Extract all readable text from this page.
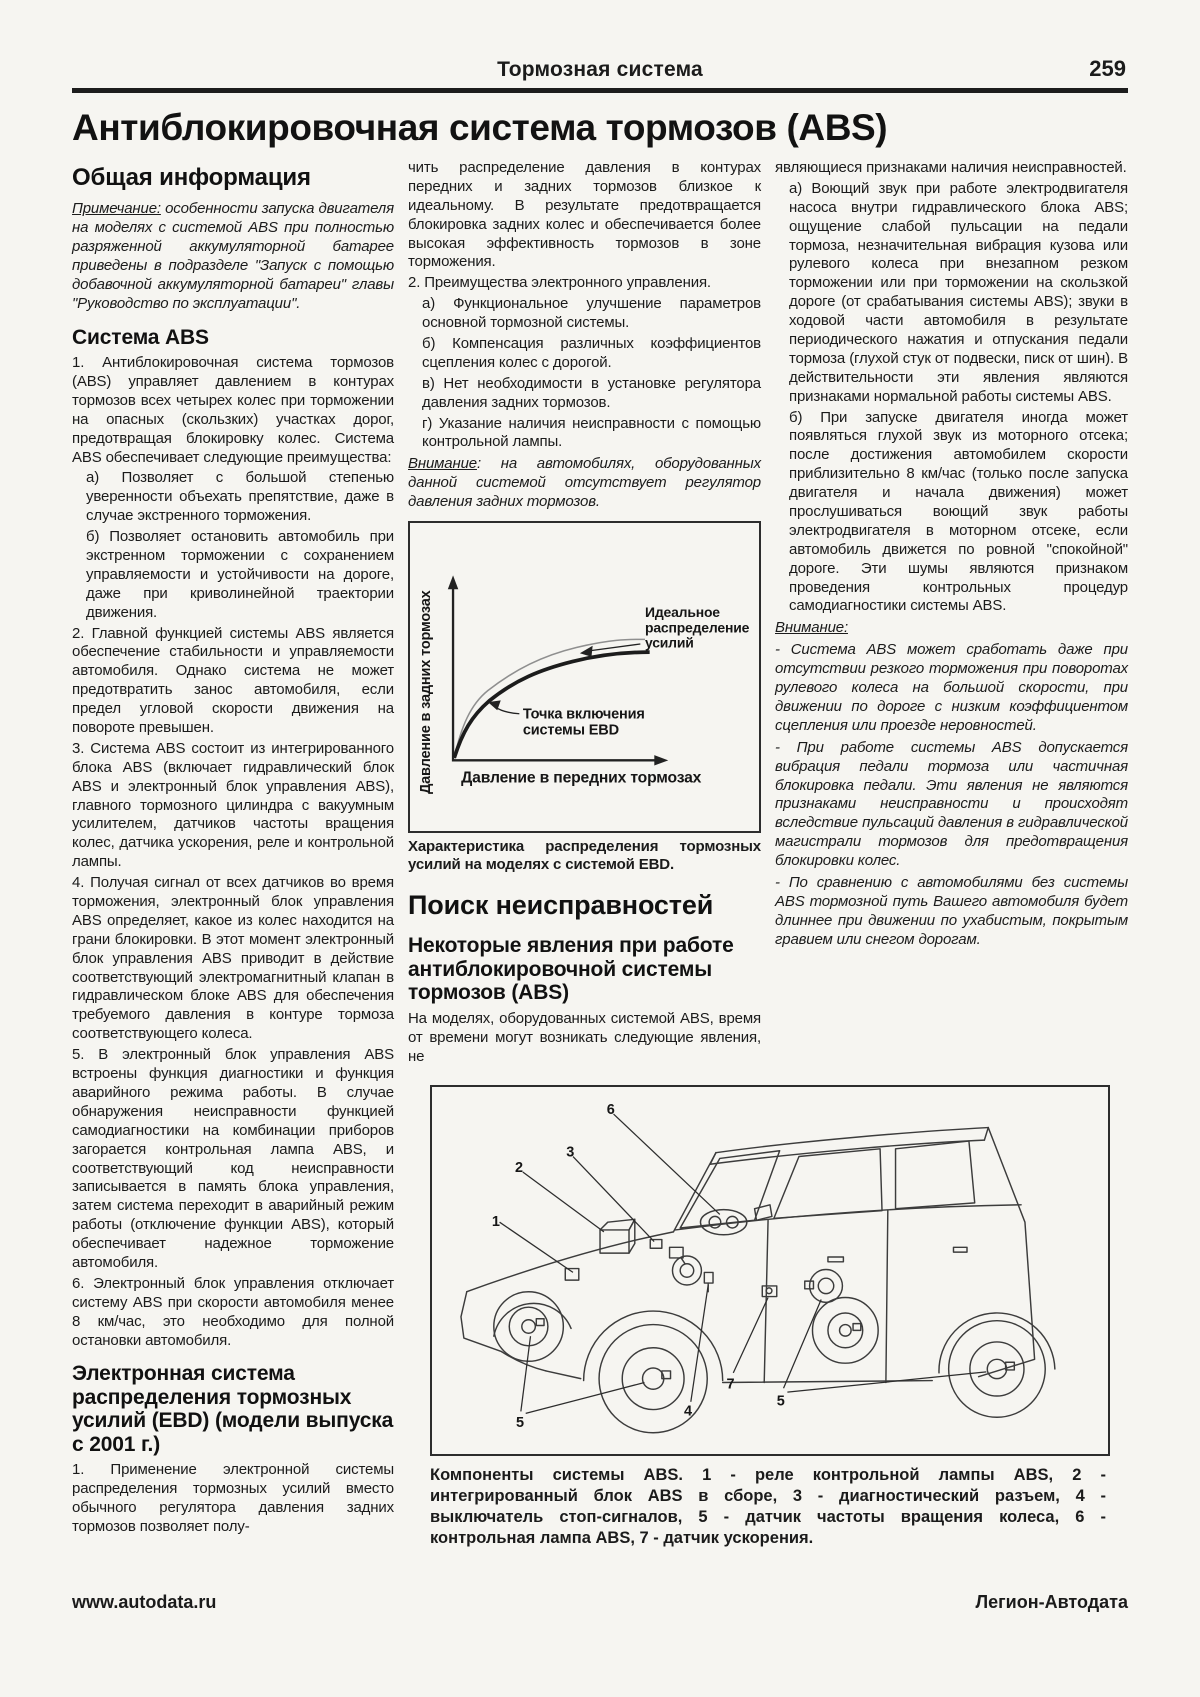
Тормозная система	259
Антиблокировочная система тормозов (ABS)
Общая информация

Примечание: особенности запуска двигателя на моделях с системой ABS при полностью разряженной аккумуляторной батарее приведены в подразделе "Запуск с помощью добавочной аккумуляторной батареи" главы "Руководство по эксплуатации".

Система ABS

1. Антиблокировочная система тормозов (ABS) управляет давлением в контурах тормозов всех четырех колес при торможении на опасных (скользких) участках дорог, предотвращая блокировку колес. Система ABS обеспечивает следующие преимущества:

а) Позволяет с большой степенью уверенности объехать препятствие, даже в случае экстренного торможения.

б) Позволяет остановить автомобиль при экстренном торможении с сохранением управляемости и устойчивости на дороге, даже при криволинейной траектории движения.

2. Главной функцией системы ABS является обеспечение стабильности и управляемости автомобиля. Однако система не может предотвратить занос автомобиля, если предел угловой скорости движения на повороте превышен.

3. Система ABS состоит из интегрированного блока ABS (включает гидравлический блок ABS и электронный блок управления ABS), главного тормозного цилиндра с вакуумным усилителем, датчиков частоты вращения колес, датчика ускорения, реле и контрольной лампы.

4. Получая сигнал от всех датчиков во время торможения, электронный блок управления ABS определяет, какое из колес находится на грани блокировки. В этот момент электронный блок управления ABS приводит в действие соответствующий электромагнитный клапан в гидравлическом блоке ABS для обеспечения требуемого давления в контуре тормоза соответствующего колеса.

5. В электронный блок управления ABS встроены функция диагностики и функция аварийного режима работы. В случае обнаружения неисправности функцией самодиагностики на комбинации приборов загорается контрольная лампа ABS, и соответствующий код неисправности записывается в память блока управления, затем система переходит в аварийный режим работы (отключение функции ABS), который обеспечивает надежное торможение автомобиля.

6. Электронный блок управления отключает систему ABS при скорости автомобиля менее 8 км/час, это необходимо для полной остановки автомобиля.

Электронная система распределения тормозных усилий (EBD) (модели выпуска с 2001 г.)

1. Применение электронной системы распределения тормозных усилий вместо обычного регулятора давления задних тормозов позволяет полу-

чить распределение давления в контурах передних и задних тормозов близкое к идеальному. В результате предотвращается блокировка задних колес и обеспечивается более высокая эффективность тормозов в зоне торможения.

2. Преимущества электронного управления.

а) Функциональное улучшение параметров основной тормозной системы.

б) Компенсация различных коэффициентов сцепления колес с дорогой.

в) Нет необходимости в установке регулятора давления задних тормозов.

г) Указание наличия неисправности с помощью контрольной лампы.

Внимание: на автомобилях, оборудованных данной системой отсутствует регулятор давления задних тормозов.

Давление в задних тормозах Давление в передних тормозах
Идеальное
распределение
усилий
Точка включения
системы EBD

Характеристика распределения тормозных усилий на моделях с системой EBD.

Поиск неисправностей
Некоторые явления при работе антиблокировочной системы тормозов (ABS)

На моделях, оборудованных системой ABS, время от времени могут возникать следующие явления, не

являющиеся признаками наличия неисправностей.

а) Воющий звук при работе электродвигателя насоса внутри гидравлического блока ABS; ощущение слабой пульсации на педали тормоза, незначительная вибрация кузова или рулевого колеса при внезапном резком торможении или при торможении на скользкой дороге (от срабатывания системы ABS); звуки в ходовой части автомобиля в результате периодического нажатия и отпускания педали тормоза (глухой стук от подвески, писк от шин). В действительности эти явления являются признаками нормальной работы системы ABS.

б) При запуске двигателя иногда может появляться глухой звук из моторного отсека; после достижения автомобилем скорости приблизительно 8 км/час (только после запуска двигателя и начала движения) может прослушиваться воющий звук работы электродвигателя в моторном отсеке, если автомобиль движется по ровной "спокойной" дороге. Эти шумы являются признаком проведения контрольных процедур самодиагностики системы ABS.

Внимание:

- Система ABS может сработать даже при отсутствии резкого торможения при поворотах рулевого колеса на большой скорости, при движении по дороге с низким коэффициентом сцепления или проезде неровностей.

- При работе системы ABS допускается вибрация педали тормоза или частичная блокировка педали. Эти явления не являются признаками неисправности и происходят вследствие пульсаций давления в гидравлической магистрали тормозов для предотвращения блокировки колес.

- По сравнению с автомобилями без системы ABS тормозной путь Вашего автомобиля будет длиннее при движении по ухабистым, покрытым гравием или снегом дорогам.

1
2
3
6
4
7
5
5

Компоненты системы ABS. 1 - реле контрольной лампы ABS, 2 - интегрированный блок ABS в сборе, 3 - диагностический разъем, 4 - выключатель стоп-сигналов, 5 - датчик частоты вращения колеса, 6 - контрольная лампа ABS, 7 - датчик ускорения.

www.autodata.ru	Легион-Автодата
